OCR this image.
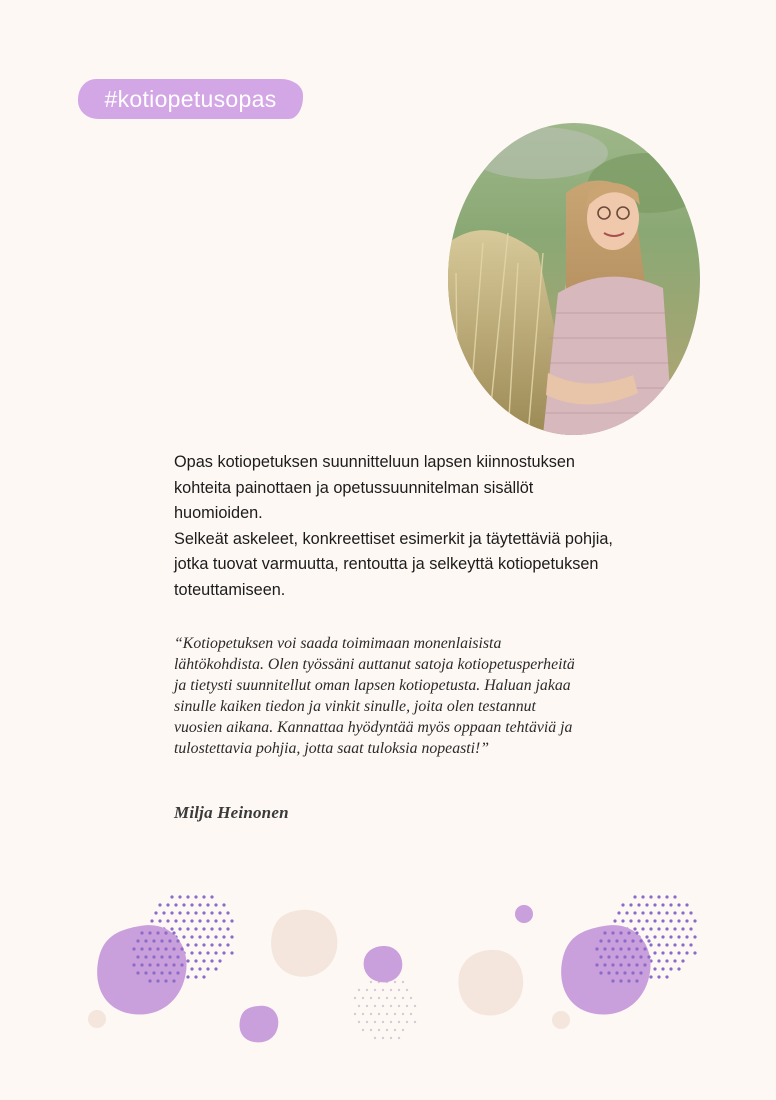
#kotiopetusopas

Opas kotiopetuksen suunnitteluun lapsen kiinnostuksen kohteita painottaen ja opetussuunnitelman sisällöt huomioiden.

Selkeät askeleet, konkreettiset esimerkit ja täytettäviä pohjia, jotka tuovat varmuutta, rentoutta ja selkeyttä kotiopetuksen toteuttamiseen.

“Kotiopetuksen voi saada toimimaan monenlaisista lähtökohdista. Olen työssäni auttanut satoja kotiopetusperheitä ja tietysti suunnitellut oman lapsen kotiopetusta. Haluan jakaa sinulle kaiken tiedon ja vinkit sinulle, joita olen testannut vuosien aikana. Kannattaa hyödyntää myös oppaan tehtäviä ja tulostettavia pohjia, jotta saat tuloksia nopeasti!”
Milja Heinonen
